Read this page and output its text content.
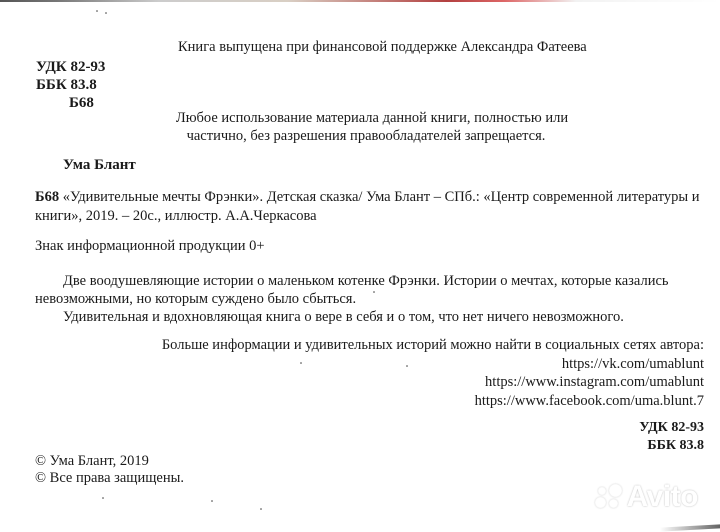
Книга выпущена при финансовой поддержке Александра Фатеева
УДК 82-93
ББК 83.8
Б68
Любое использование материала данной книги, полностью или
частично, без разрешения правообладателей запрещается.
Ума Блант
Б68 «Удивительные мечты Фрэнки». Детская сказка/ Ума Блант – СПб.: «Центр современной литературы и
книги», 2019. – 20с., иллюстр. А.А.Черкасова
Знак информационной продукции 0+
Две воодушевляющие истории о маленьком котенке Фрэнки. Истории о мечтах, которые казались
невозможными, но которым суждено было сбыться.
Удивительная и вдохновляющая книга о вере в себя и о том, что нет ничего невозможного.
Больше информации и удивительных историй можно найти в социальных сетях автора:
https://vk.com/umablunt
https://www.instagram.com/umablunt
https://www.facebook.com/uma.blunt.7
УДК 82-93
ББК 83.8
© Ума Блант, 2019
© Все права защищены.
Avito
